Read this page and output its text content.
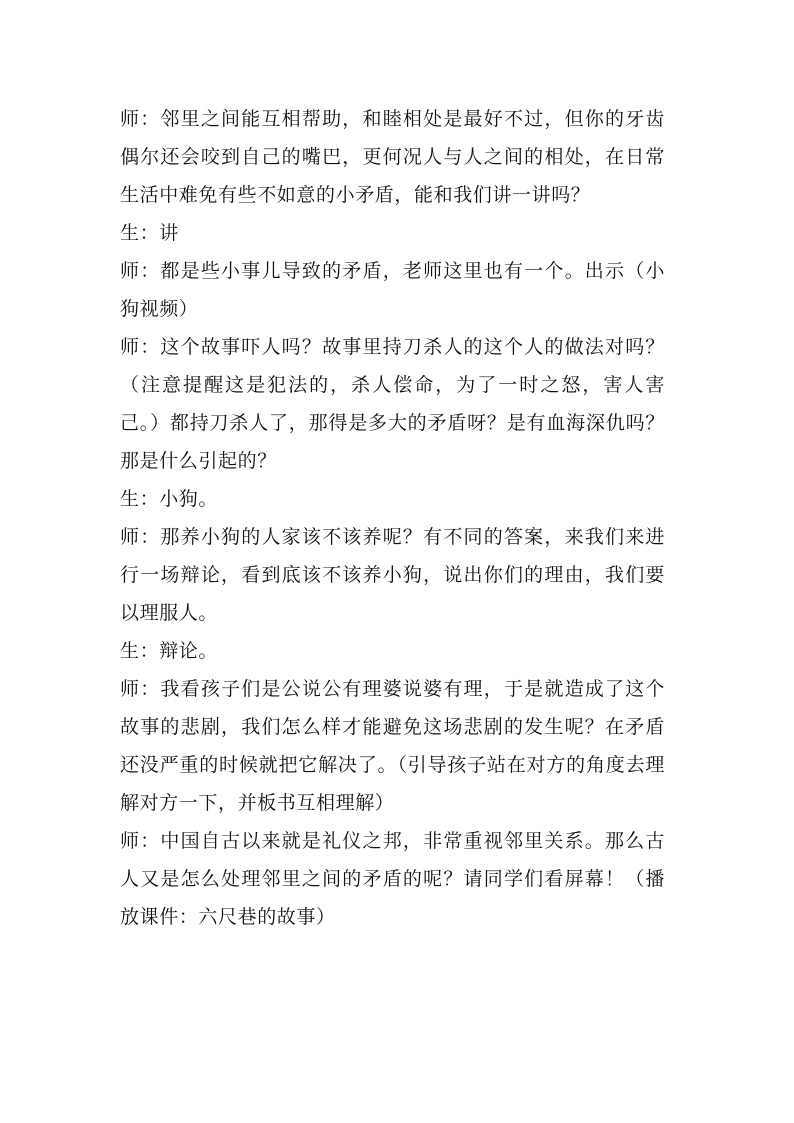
师：邻里之间能互相帮助，和睦相处是最好不过，但你的牙齿偶尔还会咬到自己的嘴巴，更何况人与人之间的相处，在日常生活中难免有些不如意的小矛盾，能和我们讲一讲吗？

生：讲

师：都是些小事儿导致的矛盾，老师这里也有一个。出示（小狗视频）

师：这个故事吓人吗？故事里持刀杀人的这个人的做法对吗？（注意提醒这是犯法的，杀人偿命，为了一时之怒，害人害己。）都持刀杀人了，那得是多大的矛盾呀？是有血海深仇吗？那是什么引起的？

生：小狗。

师：那养小狗的人家该不该养呢？有不同的答案，来我们来进行一场辩论，看到底该不该养小狗，说出你们的理由，我们要以理服人。

生：辩论。

师：我看孩子们是公说公有理婆说婆有理，于是就造成了这个故事的悲剧，我们怎么样才能避免这场悲剧的发生呢？在矛盾还没严重的时候就把它解决了。（引导孩子站在对方的角度去理解对方一下，并板书互相理解）

师：中国自古以来就是礼仪之邦，非常重视邻里关系。那么古人又是怎么处理邻里之间的矛盾的呢？请同学们看屏幕！（播放课件：六尺巷的故事）
